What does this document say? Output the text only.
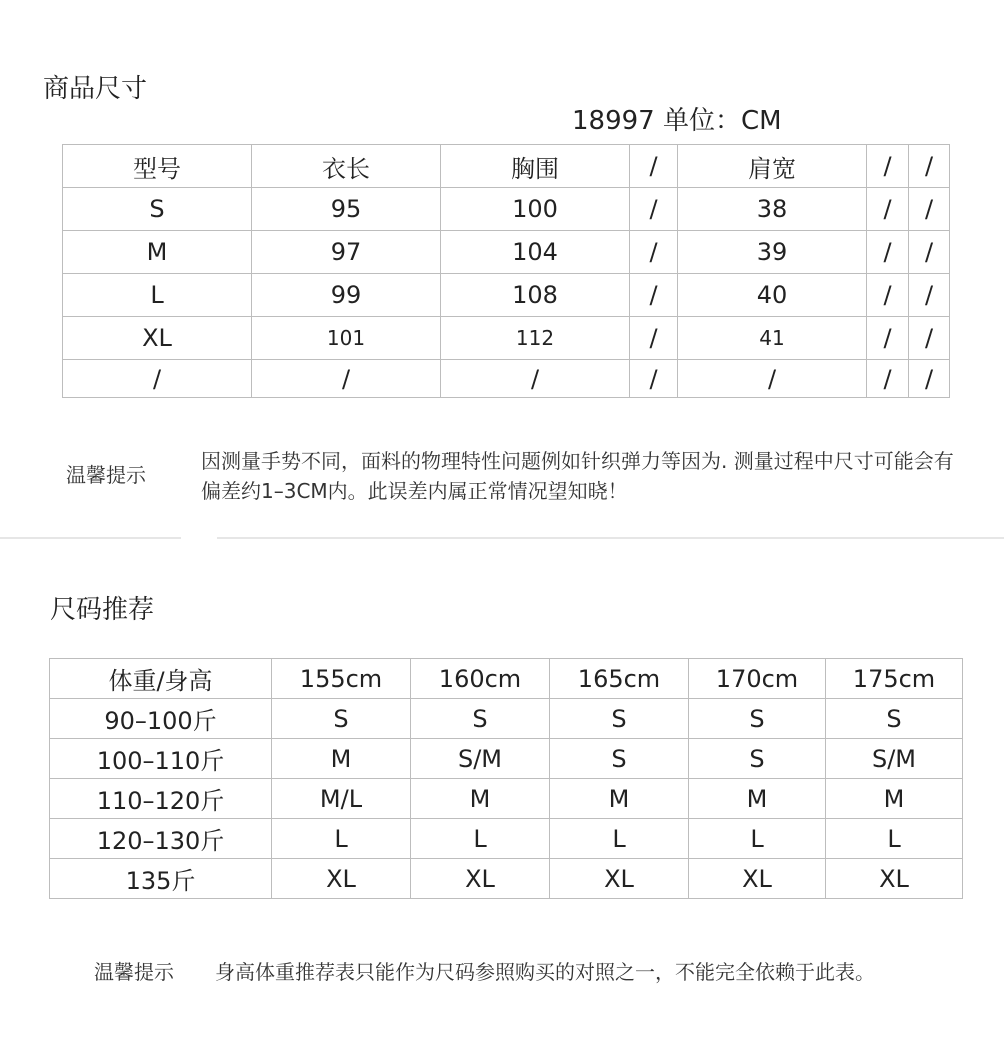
商品尺寸
18997 单位：CM
型号	衣长	胸围	/	肩宽	/	/
S	95	100	/	38	/	/
M	97	104	/	39	/	/
L	99	108	/	40	/	/
XL	101	112	/	41	/	/
/	/	/	/	/	/	/
温馨提示
因测量手势不同，面料的物理特性问题例如针织弹力等因为. 测量过程中尺寸可能会有偏差约1–3CM内。此误差内属正常情况望知晓！
尺码推荐
体重/身高	155cm	160cm	165cm	170cm	175cm
90–100斤	S	S	S	S	S
100–110斤	M	S/M	S	S	S/M
110–120斤	M/L	M	M	M	M
120–130斤	L	L	L	L	L
135斤	XL	XL	XL	XL	XL
温馨提示 身高体重推荐表只能作为尺码参照购买的对照之一，不能完全依赖于此表。
